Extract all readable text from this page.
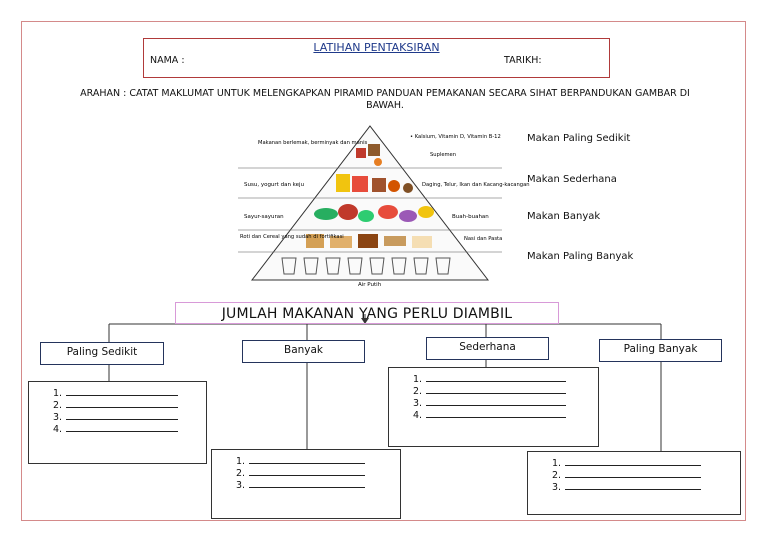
LATIHAN PENTAKSIRAN
NAMA :	TARIKH:
ARAHAN : CATAT MAKLUMAT UNTUK MELENGKAPKAN PIRAMID PANDUAN PEMAKANAN SECARA SIHAT BERPANDUKAN GAMBAR DI BAWAH.
Makanan berlemak, berminyak dan manis
Susu, yogurt dan keju
Sayur-sayuran
Roti dan Cereal yang sudah di fortifikasi
• Kalsium, Vitamin D, Vitamin B-12
Suplemen
Daging, Telur, Ikan dan Kacang-kacangan
Buah-buahan
Nasi dan Pasta
Air Putih
Makan Paling Sedikit
Makan Sederhana
Makan Banyak
Makan Paling Banyak
JUMLAH MAKANAN YANG PERLU DIAMBIL
Paling Sedikit	Banyak	Sederhana	Paling Banyak
1.
2.
3.
4.
1.
2.
3.
1.
2.
3.
4.
1.
2.
3.
